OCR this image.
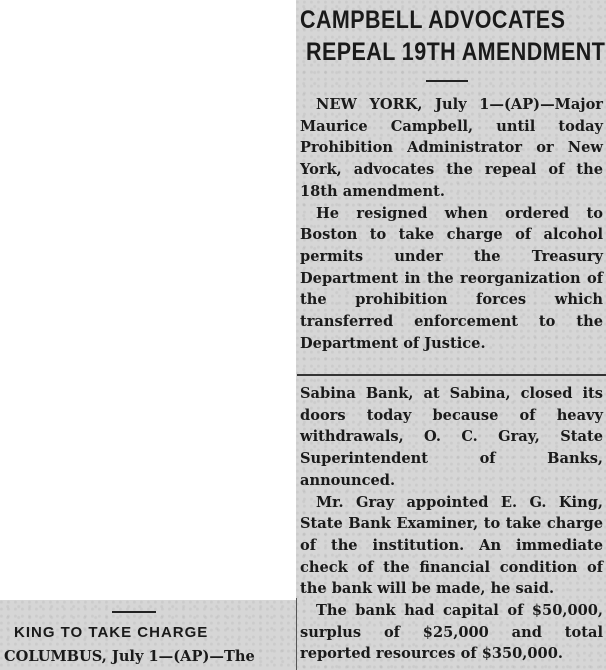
CAMPBELL ADVOCATES
REPEAL 19TH AMENDMENT

NEW YORK, July 1—(AP)—Major Maurice Campbell, until today Prohibition Administrator or New York, advocates the repeal of the 18th amendment.

He resigned when ordered to Boston to take charge of alcohol permits under the Treasury Department in the reorganization of the prohibition forces which transferred enforcement to the Department of Justice.

Sabina Bank, at Sabina, closed its doors today because of heavy withdrawals, O. C. Gray, State Superintendent of Banks, announced.

Mr. Gray appointed E. G. King, State Bank Examiner, to take charge of the institution. An immediate check of the financial condition of the bank will be made, he said.

The bank had capital of $50,000, surplus of $25,000 and total reported resources of $350,000.

KING TO TAKE CHARGE
COLUMBUS, July 1—(AP)—The
